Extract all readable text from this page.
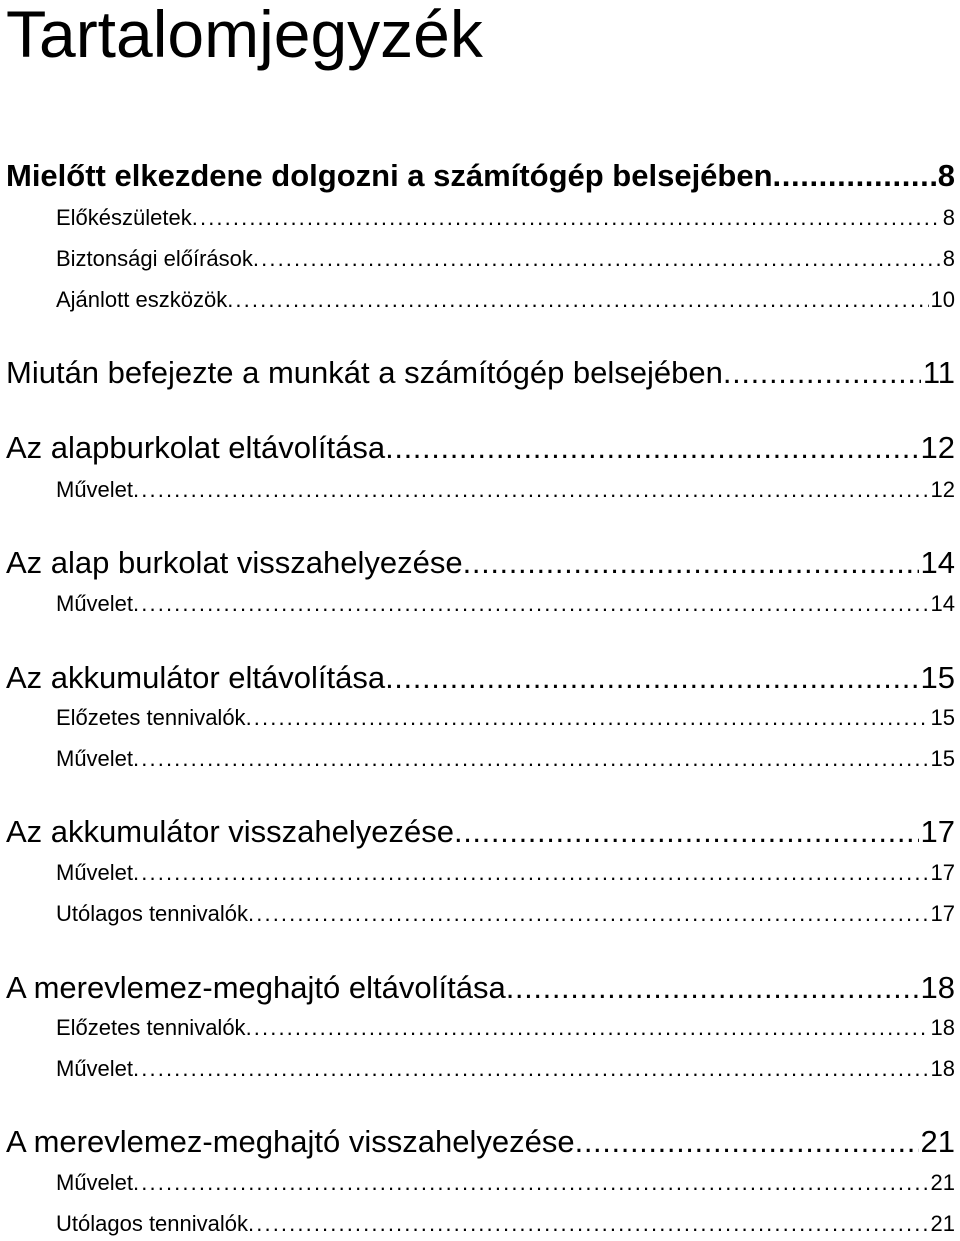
Tartalomjegyzék
Mielőtt elkezdene dolgozni a számítógép belsejében . . .	8
Előkészületek . . .	8
Biztonsági előírások . . .	8
Ajánlott eszközök . . .	10
Miután befejezte a munkát a számítógép belsejében . . .	11
Az alapburkolat eltávolítása . . .	12
Művelet . . .	12
Az alap burkolat visszahelyezése . . .	14
Művelet . . .	14
Az akkumulátor eltávolítása . . .	15
Előzetes tennivalók . . .	15
Művelet . . .	15
Az akkumulátor visszahelyezése . . .	17
Művelet . . .	17
Utólagos tennivalók . . .	17
A merevlemez-meghajtó eltávolítása . . .	18
Előzetes tennivalók . . .	18
Művelet . . .	18
A merevlemez-meghajtó visszahelyezése . . .	21
Művelet . . .	21
Utólagos tennivalók . . .	21
